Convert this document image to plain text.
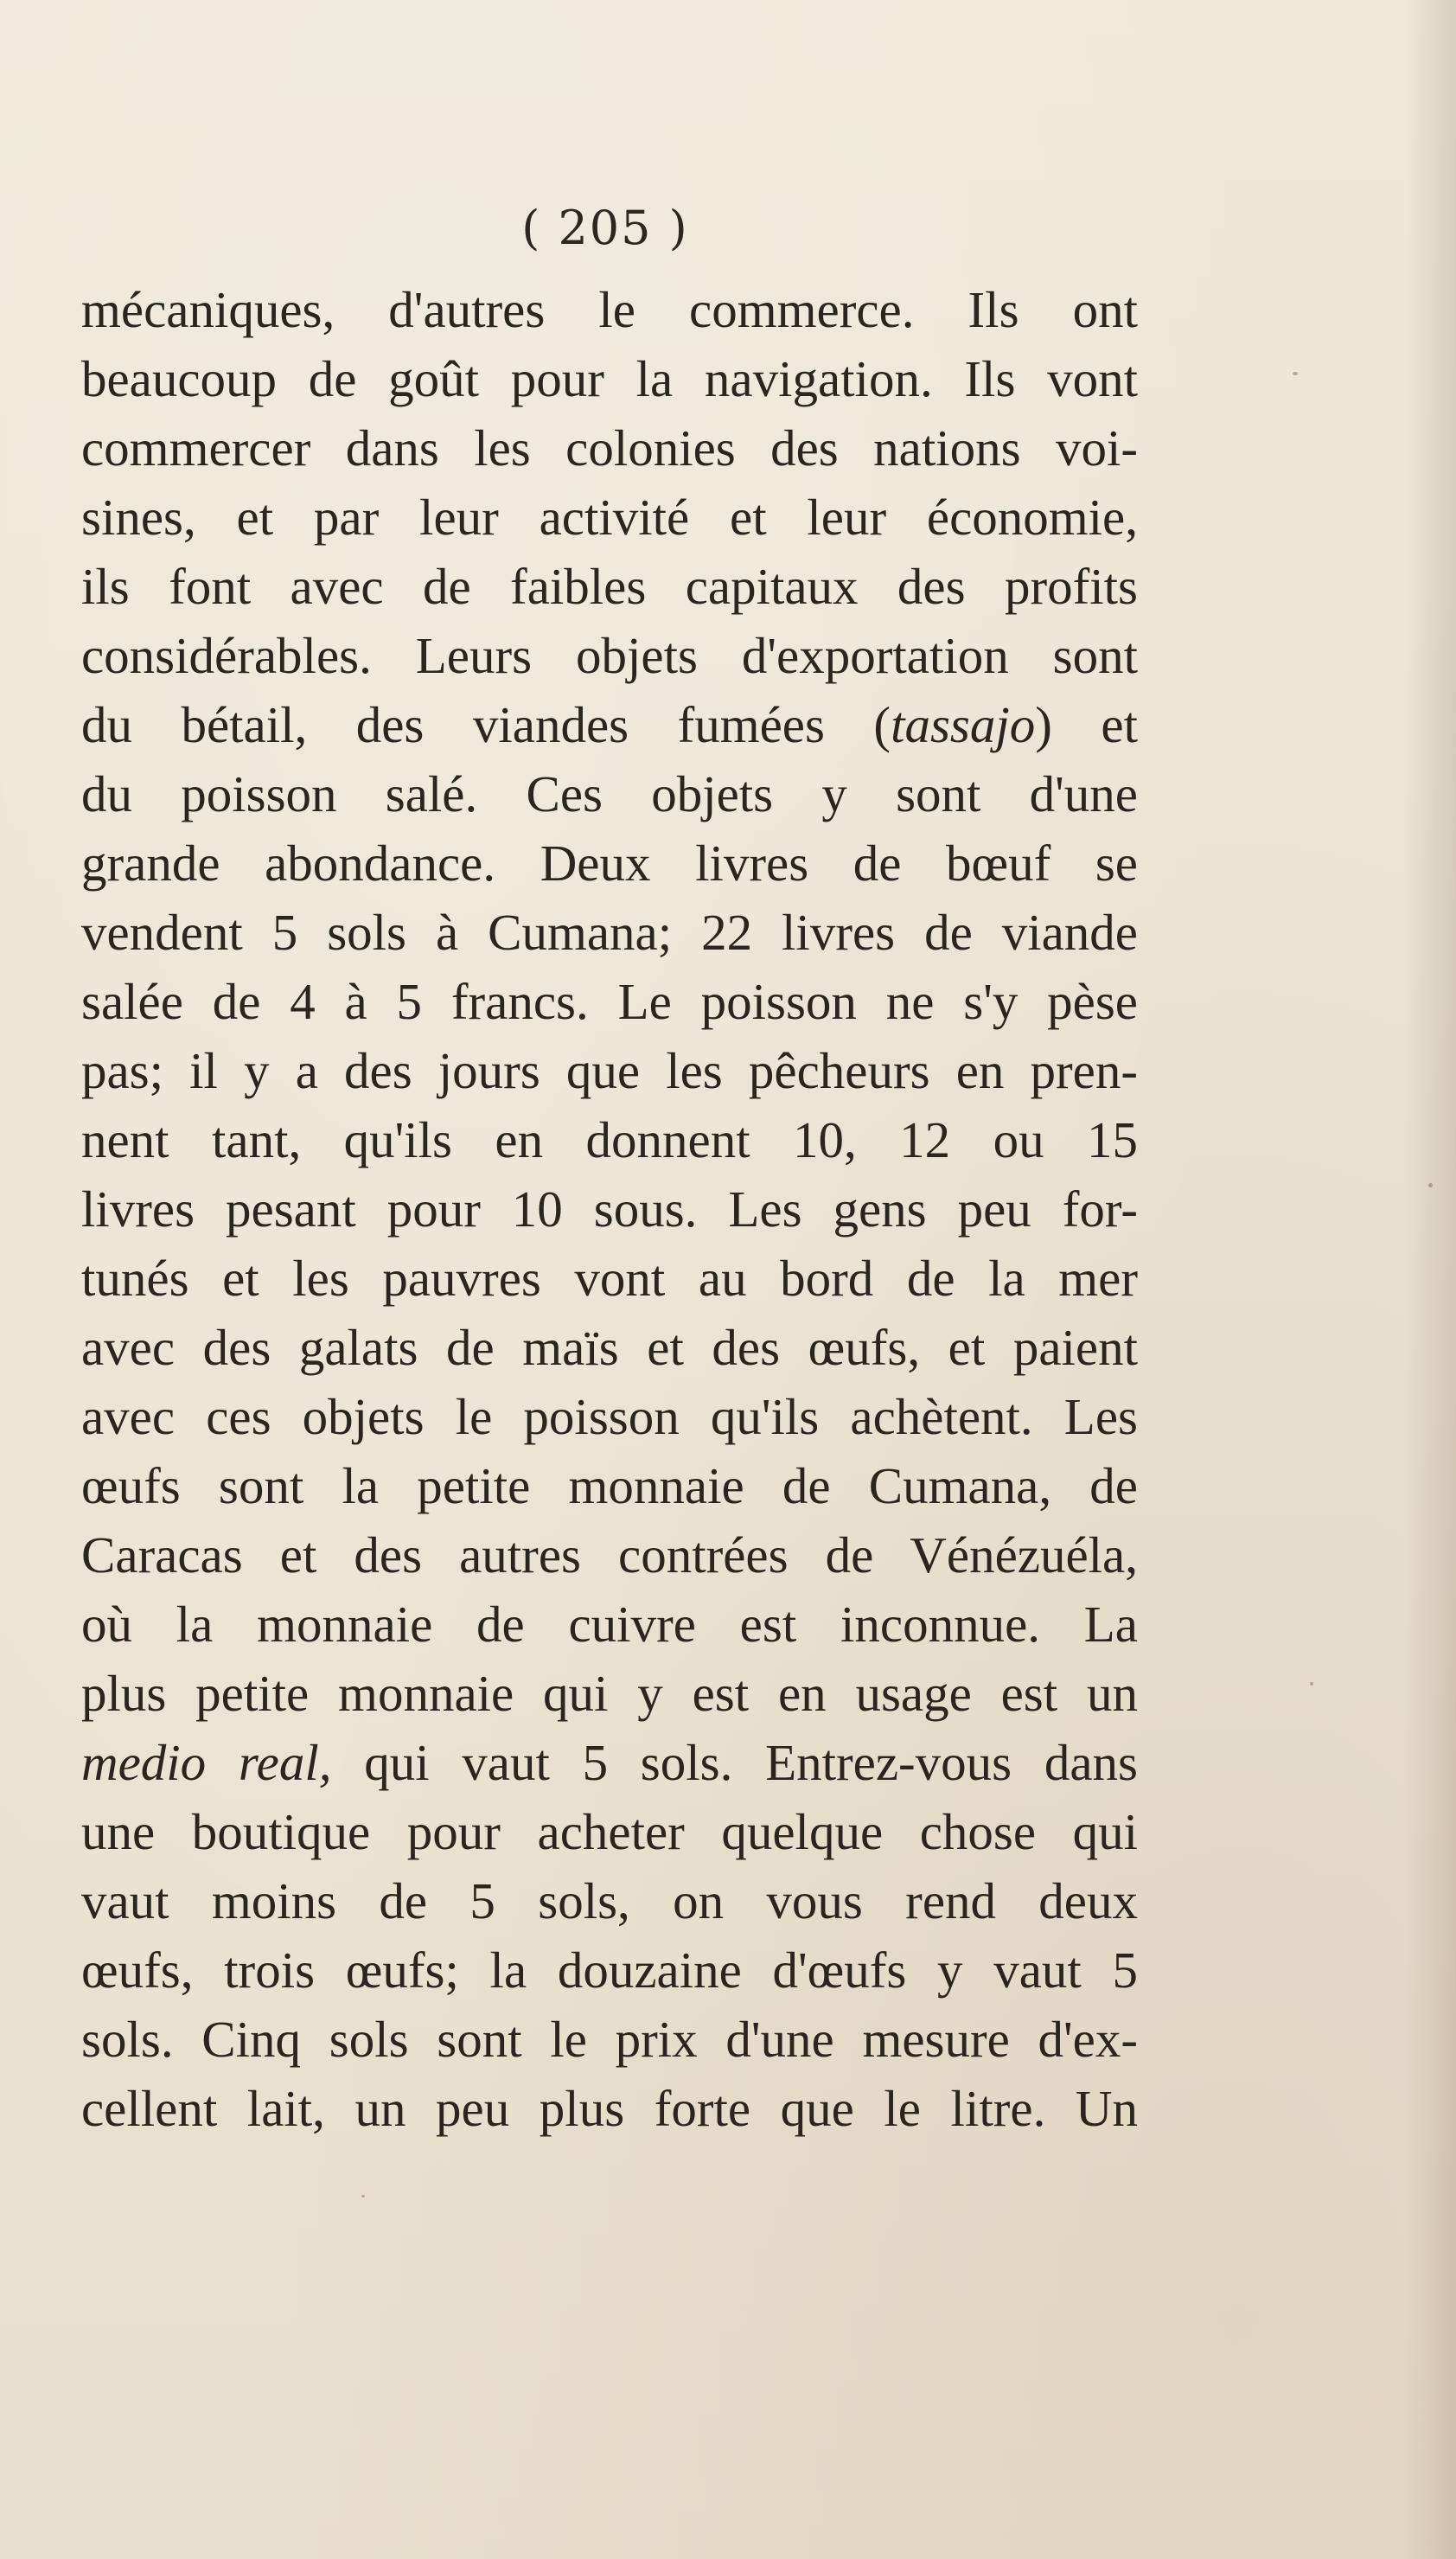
( 205 )
mécaniques, d'autres le commerce. Ils ont
beaucoup de goût pour la navigation. Ils vont
commercer dans les colonies des nations voi-
sines, et par leur activité et leur économie,
ils font avec de faibles capitaux des profits
considérables. Leurs objets d'exportation sont
du bétail, des viandes fumées (tassajo) et
du poisson salé. Ces objets y sont d'une
grande abondance. Deux livres de bœuf se
vendent 5 sols à Cumana; 22 livres de viande
salée de 4 à 5 francs. Le poisson ne s'y pèse
pas; il y a des jours que les pêcheurs en pren-
nent tant, qu'ils en donnent 10, 12 ou 15
livres pesant pour 10 sous. Les gens peu for-
tunés et les pauvres vont au bord de la mer
avec des galats de maïs et des œufs, et paient
avec ces objets le poisson qu'ils achètent. Les
œufs sont la petite monnaie de Cumana, de
Caracas et des autres contrées de Vénézuéla,
où la monnaie de cuivre est inconnue. La
plus petite monnaie qui y est en usage est un
medio real, qui vaut 5 sols. Entrez-vous dans
une boutique pour acheter quelque chose qui
vaut moins de 5 sols, on vous rend deux
œufs, trois œufs; la douzaine d'œufs y vaut 5
sols. Cinq sols sont le prix d'une mesure d'ex-
cellent lait, un peu plus forte que le litre. Un
